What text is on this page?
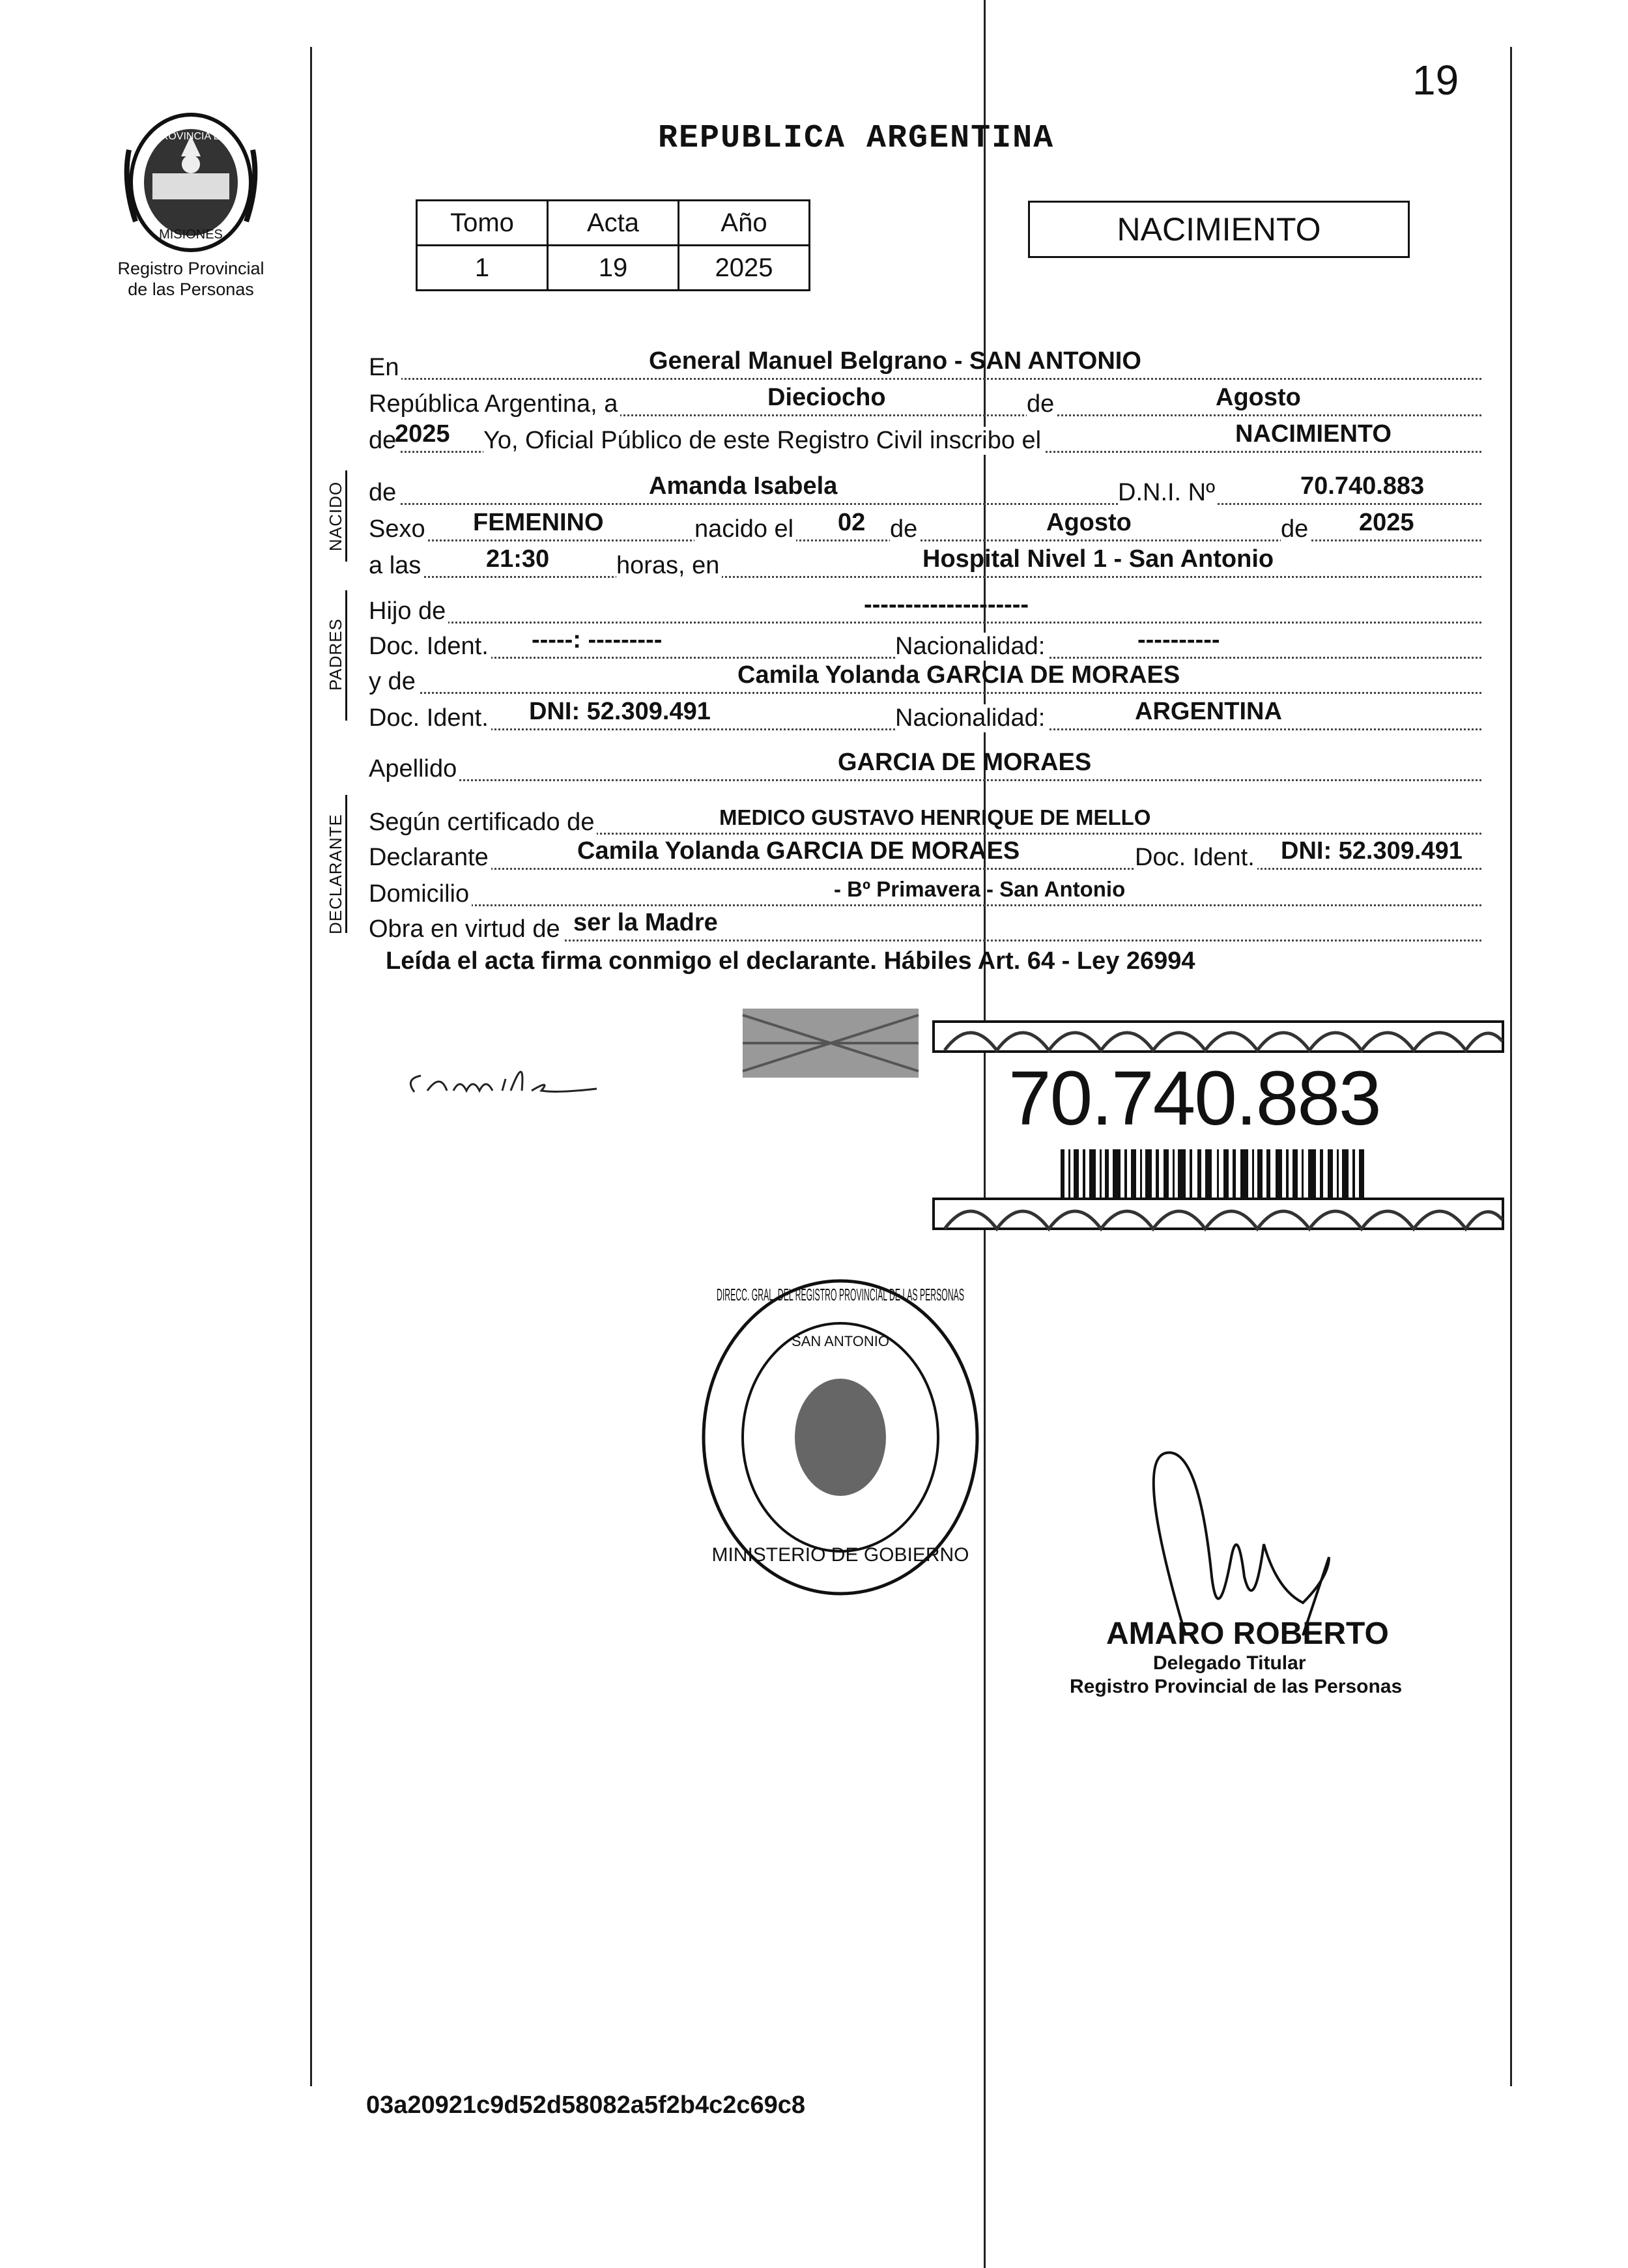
19
PROVINCIA DE
MISIONES
Registro Provincial
de las Personas
REPUBLICA ARGENTINA
Tomo	Acta	Año
1	19	2025
NACIMIENTO
NACIDO
PADRES
DECLARANTE
En	General Manuel Belgrano - SAN ANTONIO
República Argentina, a	Dieciocho	de	Agosto
de
2025 Yo, Oficial Público de este Registro Civil inscribo el	NACIMIENTO
de	Amanda Isabela	D.N.I. Nº	70.740.883
Sexo FEMENINO	nacido el 02 de	Agosto	de 2025
a las	21:30	horas, en	Hospital Nivel 1 - San Antonio
Hijo de	--------------------
Doc. Ident. -----: ---------	Nacionalidad:	----------
y de	Camila Yolanda GARCIA DE MORAES
Doc. Ident. DNI: 52.309.491	Nacionalidad:	ARGENTINA
Apellido	GARCIA DE MORAES
Según certificado de	MEDICO GUSTAVO HENRIQUE DE MELLO
Declarante	Camila Yolanda GARCIA DE MORAES	Doc. Ident. DNI: 52.309.491
Domicilio	- Bº Primavera - San Antonio
Obra en virtud de ser la Madre
Leída el acta firma conmigo el declarante. Hábiles Art. 64 - Ley 26994
70.740.883
DIRECC. GRAL. DEL REGISTRO PROVINCIAL DE LAS PERSONAS
MINISTERIO DE GOBIERNO
SAN ANTONIO
AMARO ROBERTO
Delegado Titular
Registro Provincial de las Personas
03a20921c9d52d58082a5f2b4c2c69c8
